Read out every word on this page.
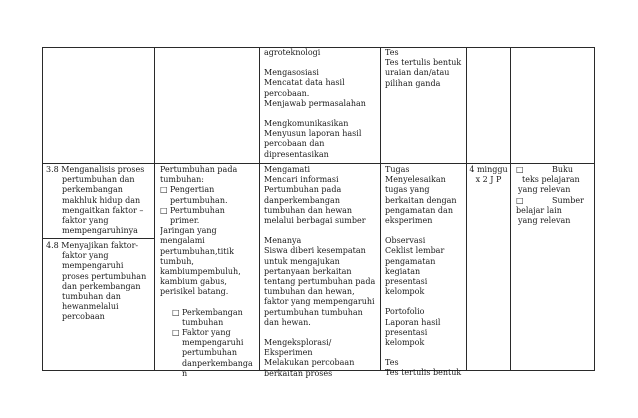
agroteknologi
Mengasosiasi
Mencatat data hasil
percobaan.
Menjawab permasalahan
Mengkomunikasikan
Menyusun laporan hasil
percobaan dan
dipresentasikan
Tes
Tes tertulis bentuk
uraian dan/atau
pilihan ganda
3.8 Menganalisis proses
pertumbuhan dan
perkembangan
makhluk hidup dan
mengaitkan faktor –
faktor yang
mempengaruhinya
4.8 Menyajikan faktor-
faktor yang
mempengaruhi
proses pertumbuhan
dan perkembangan
tumbuhan dan
hewanmelalui
percobaan
Pertumbuhan pada
tumbuhan:
□ Pengertian
pertumbuhan.
□ Pertumbuhan
primer.
Jaringan yang
mengalami
pertumbuhan,titik
tumbuh,
kambiumpembuluh,
kambium gabus,
perisikel batang.
□ Perkembangan
tumbuhan
□ Faktor yang
mempengaruhi
pertumbuhan
danperkembanga
n
Mengamati
Mencari informasi
Pertumbuhan pada
danperkembangan
tumbuhan dan hewan
melalui berbagai sumber
Menanya
Siswa diberi kesempatan
untuk mengajukan
pertanyaan berkaitan
tentang pertumbuhan pada
tumbuhan dan hewan,
faktor yang mempengaruhi
pertumbuhan tumbuhan
dan hewan.
Mengeksplorasi/
Eksperimen
Melakukan percobaan
berkaitan proses
Tugas
Menyelesaikan
tugas yang
berkaitan dengan
pengamatan dan
eksperimen
Observasi
Ceklist lembar
pengamatan
kegiatan
presentasi
kelompok
Portofolio
Laporan hasil
presentasi
kelompok
Tes
Tes tertulis bentuk
4 minggu
x 2 J P
□	Buku
teks pelajaran
yang relevan
□	Sumber
belajar lain
yang relevan
